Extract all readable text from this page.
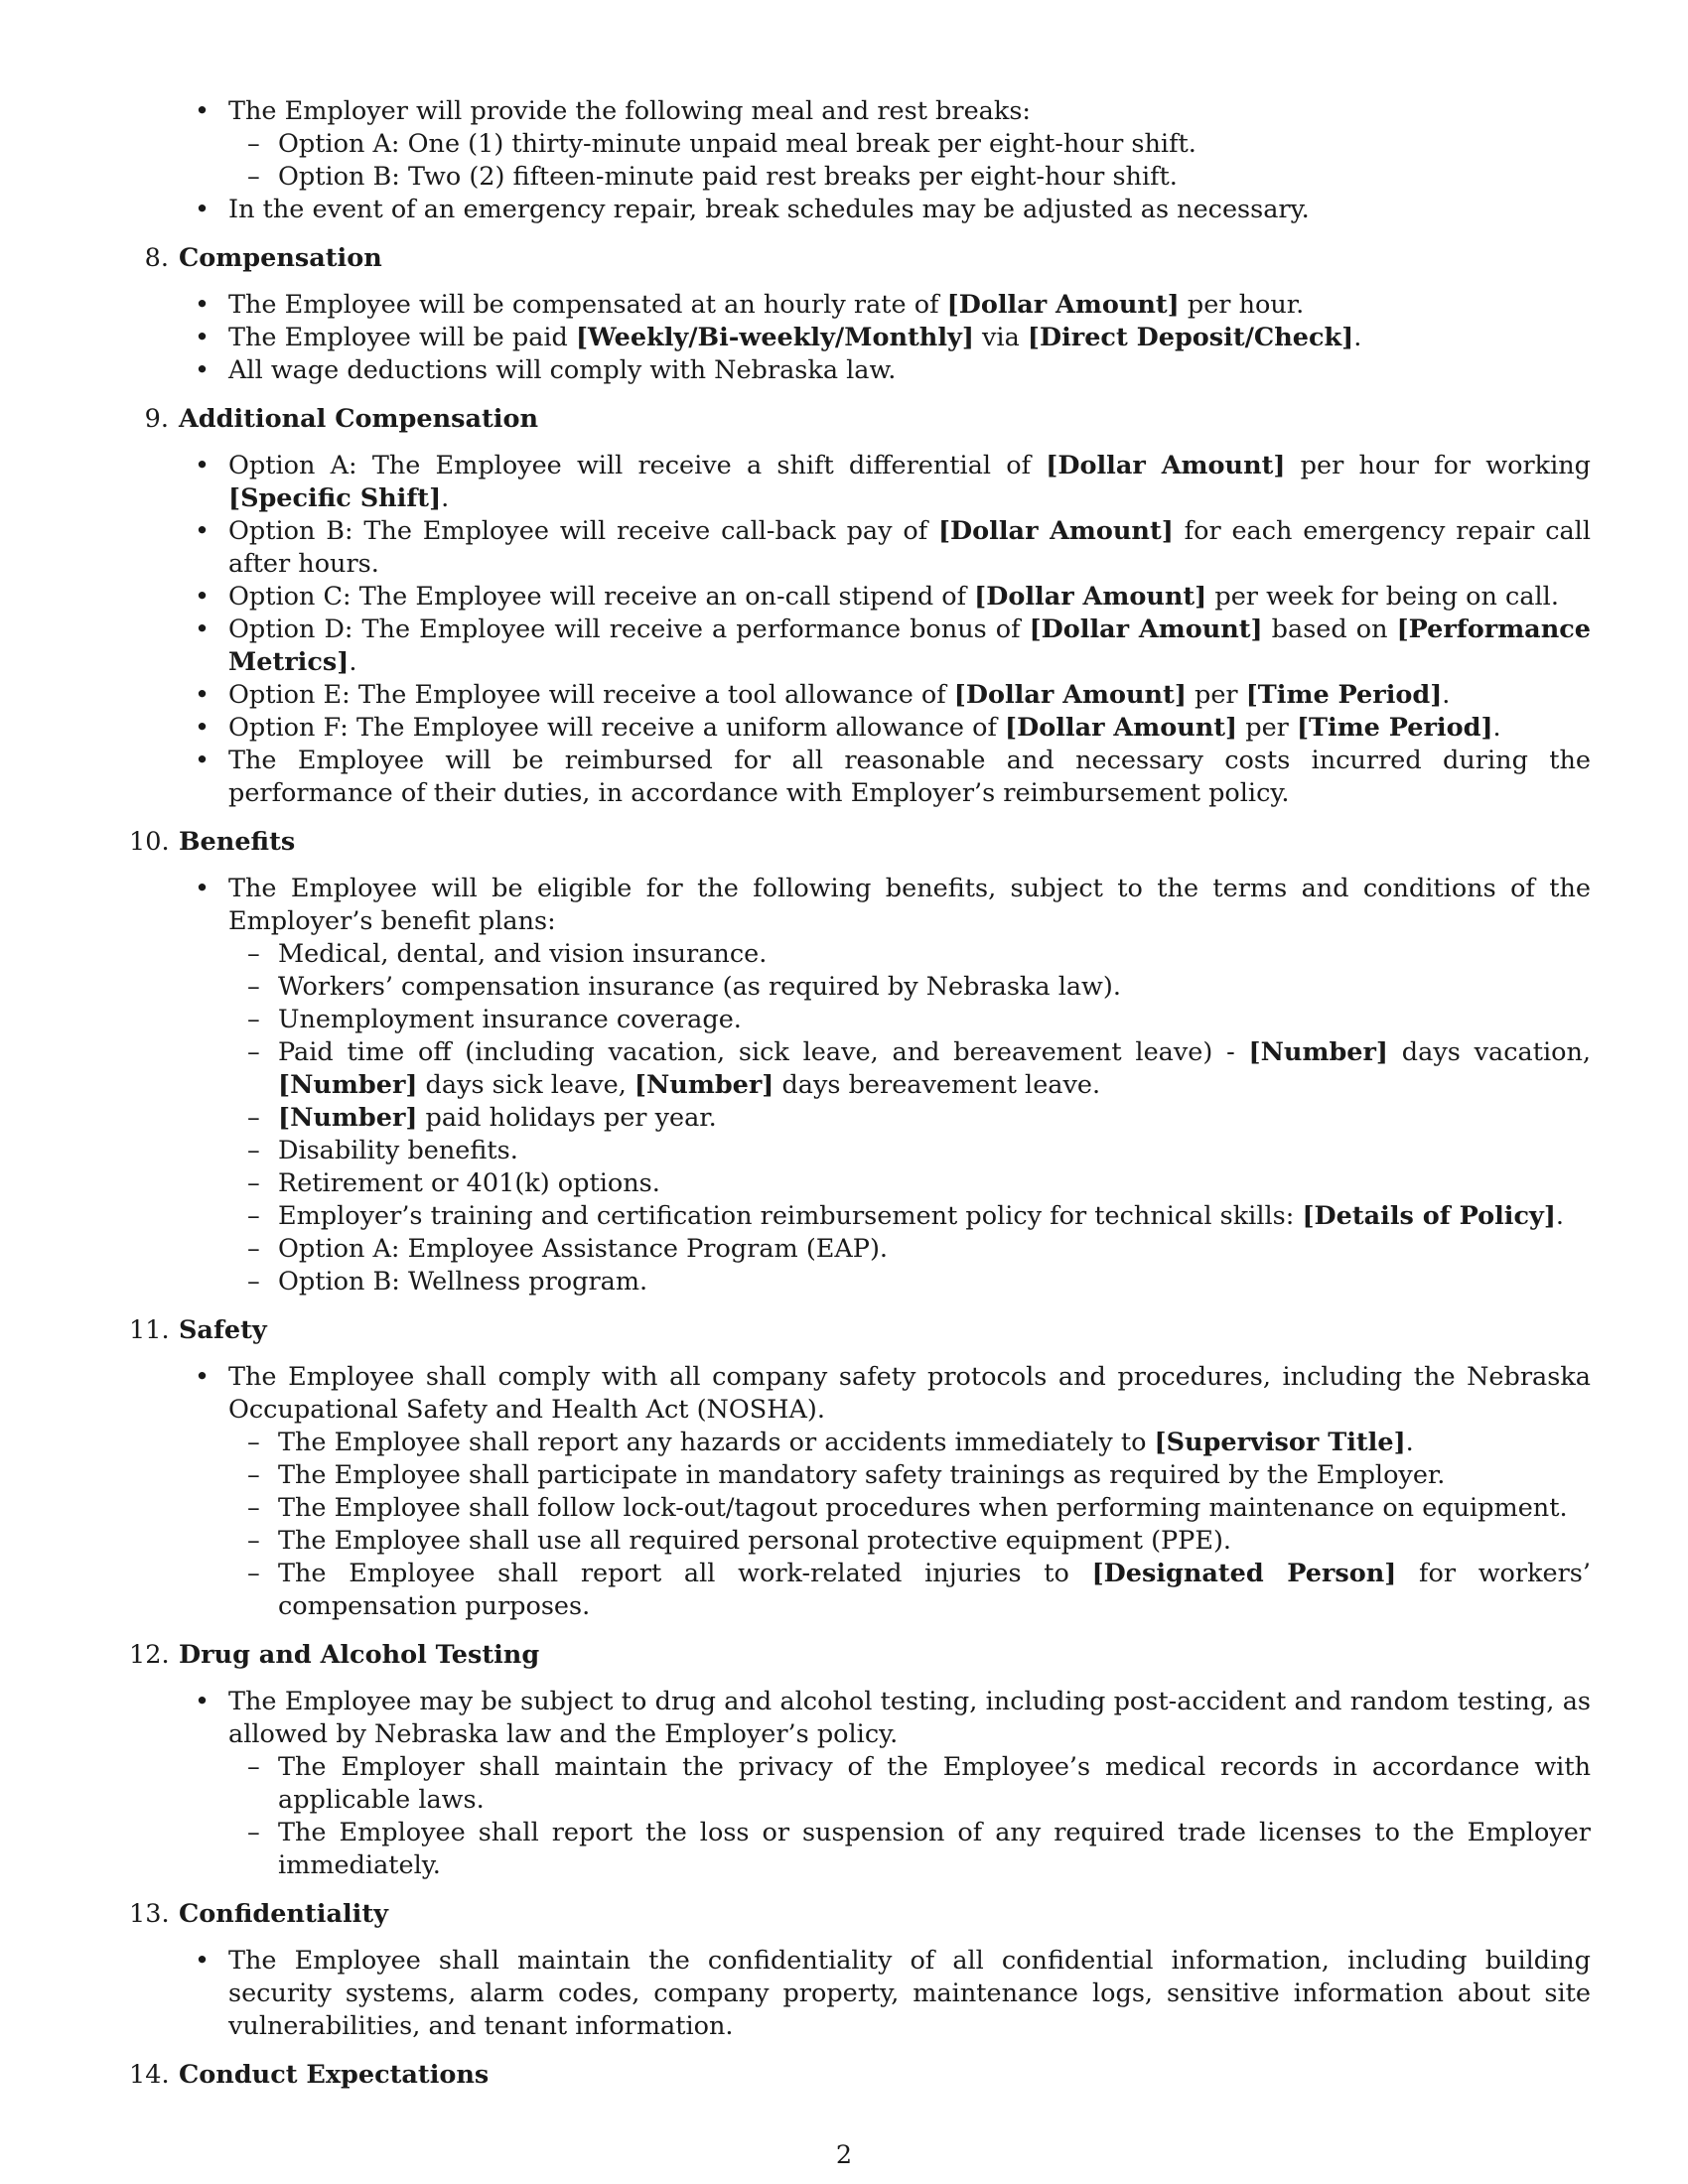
• The Employer will provide the following meal and rest breaks:
– Option A: One (1) thirty-minute unpaid meal break per eight-hour shift.
– Option B: Two (2) fifteen-minute paid rest breaks per eight-hour shift.
• In the event of an emergency repair, break schedules may be adjusted as necessary.
8. Compensation
• The Employee will be compensated at an hourly rate of [Dollar Amount] per hour.
• The Employee will be paid [Weekly/Bi-weekly/Monthly] via [Direct Deposit/Check].
• All wage deductions will comply with Nebraska law.
9. Additional Compensation
• Option A: The Employee will receive a shift differential of [Dollar Amount] per hour for working [Specific Shift].
• Option B: The Employee will receive call-back pay of [Dollar Amount] for each emergency repair call after hours.
• Option C: The Employee will receive an on-call stipend of [Dollar Amount] per week for being on call.
• Option D: The Employee will receive a performance bonus of [Dollar Amount] based on [Performance Metrics].
• Option E: The Employee will receive a tool allowance of [Dollar Amount] per [Time Period].
• Option F: The Employee will receive a uniform allowance of [Dollar Amount] per [Time Period].
• The Employee will be reimbursed for all reasonable and necessary costs incurred during the performance of their duties, in accordance with Employer’s reimbursement policy.
10. Benefits
• The Employee will be eligible for the following benefits, subject to the terms and conditions of the Employer’s benefit plans:
– Medical, dental, and vision insurance.
– Workers’ compensation insurance (as required by Nebraska law).
– Unemployment insurance coverage.
– Paid time off (including vacation, sick leave, and bereavement leave) - [Number] days vacation, [Number] days sick leave, [Number] days bereavement leave.
– [Number] paid holidays per year.
– Disability benefits.
– Retirement or 401(k) options.
– Employer’s training and certification reimbursement policy for technical skills: [Details of Policy].
– Option A: Employee Assistance Program (EAP).
– Option B: Wellness program.
11. Safety
• The Employee shall comply with all company safety protocols and procedures, including the Nebraska Occupational Safety and Health Act (NOSHA).
– The Employee shall report any hazards or accidents immediately to [Supervisor Title].
– The Employee shall participate in mandatory safety trainings as required by the Employer.
– The Employee shall follow lock-out/tagout procedures when performing maintenance on equipment.
– The Employee shall use all required personal protective equipment (PPE).
– The Employee shall report all work-related injuries to [Designated Person] for workers’ compensation purposes.
12. Drug and Alcohol Testing
• The Employee may be subject to drug and alcohol testing, including post-accident and random testing, as allowed by Nebraska law and the Employer’s policy.
– The Employer shall maintain the privacy of the Employee’s medical records in accordance with applicable laws.
– The Employee shall report the loss or suspension of any required trade licenses to the Employer immediately.
13. Confidentiality
• The Employee shall maintain the confidentiality of all confidential information, including building security systems, alarm codes, company property, maintenance logs, sensitive information about site vulnerabilities, and tenant information.
14. Conduct Expectations
2
